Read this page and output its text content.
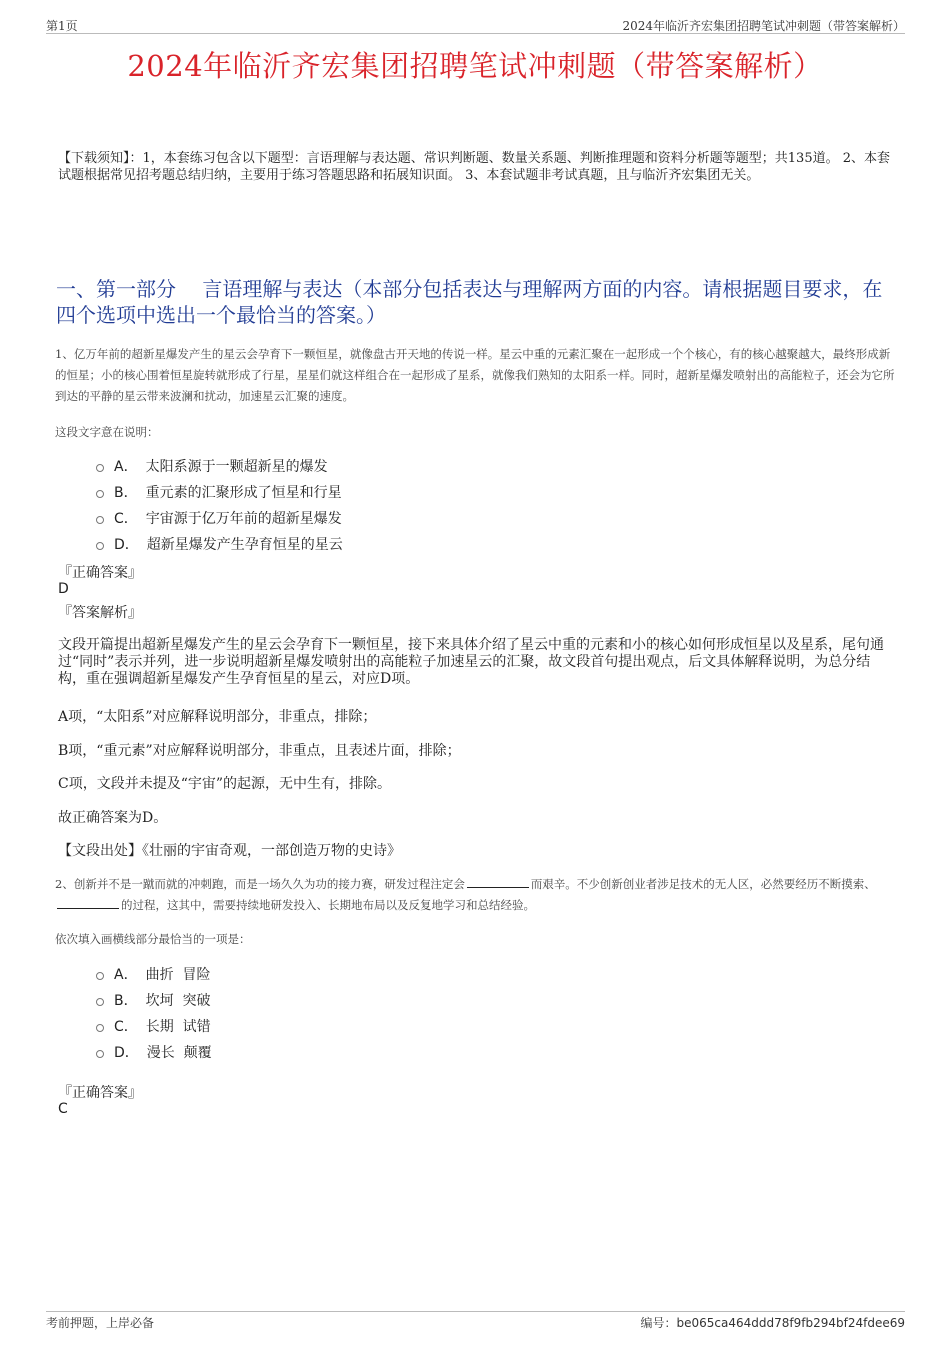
第1页	2024年临沂齐宏集团招聘笔试冲刺题（带答案解析）
2024年临沂齐宏集团招聘笔试冲刺题（带答案解析）
【下载须知】：1，本套练习包含以下题型：言语理解与表达题、常识判断题、数量关系题、判断推理题和资料分析题等题型；共135道。 2、本套试题根据常见招考题总结归纳，主要用于练习答题思路和拓展知识面。 3、本套试题非考试真题，且与临沂齐宏集团无关。
一、第一部分　 言语理解与表达（本部分包括表达与理解两方面的内容。请根据题目要求，在四个选项中选出一个最恰当的答案。）
1、亿万年前的超新星爆发产生的星云会孕育下一颗恒星，就像盘古开天地的传说一样。星云中重的元素汇聚在一起形成一个个核心，有的核心越聚越大，最终形成新的恒星；小的核心围着恒星旋转就形成了行星，星星们就这样组合在一起形成了星系，就像我们熟知的太阳系一样。同时，超新星爆发喷射出的高能粒子，还会为它所到达的平静的星云带来波澜和扰动，加速星云汇聚的速度。
这段文字意在说明：
A． 太阳系源于一颗超新星的爆发
B． 重元素的汇聚形成了恒星和行星
C． 宇宙源于亿万年前的超新星爆发
D． 超新星爆发产生孕育恒星的星云
『正确答案』
D
『答案解析』
文段开篇提出超新星爆发产生的星云会孕育下一颗恒星，接下来具体介绍了星云中重的元素和小的核心如何形成恒星以及星系，尾句通过“同时”表示并列，进一步说明超新星爆发喷射出的高能粒子加速星云的汇聚，故文段首句提出观点，后文具体解释说明，为总分结构，重在强调超新星爆发产生孕育恒星的星云，对应D项。
A项，“太阳系”对应解释说明部分，非重点，排除；
B项，“重元素”对应解释说明部分，非重点，且表述片面，排除；
C项，文段并未提及“宇宙”的起源，无中生有，排除。
故正确答案为D。
【文段出处】《壮丽的宇宙奇观，一部创造万物的史诗》
2、创新并不是一蹴而就的冲刺跑，而是一场久久为功的接力赛，研发过程注定会	而艰辛。不少创新创业者涉足技术的无人区，必然要经历不断摸索、的过程，这其中，需要持续地研发投入、长期地布局以及反复地学习和总结经验。
依次填入画横线部分最恰当的一项是：
A． 曲折  冒险
B． 坎坷  突破
C． 长期  试错
D． 漫长  颠覆
『正确答案』
C
考前押题，上岸必备	编号：be065ca464ddd78f9fb294bf24fdee69
